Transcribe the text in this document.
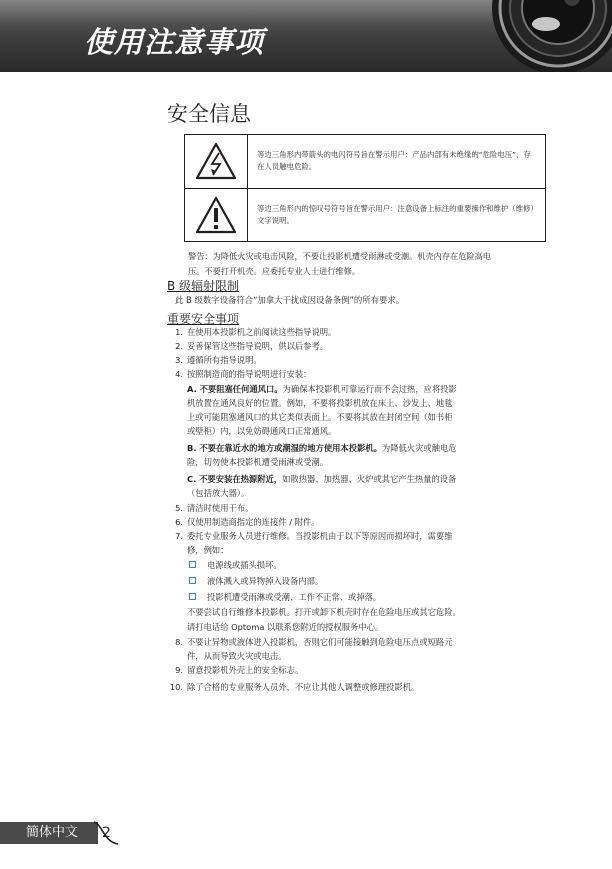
使用注意事项
安全信息
等边三角形内带箭头的电闪符号旨在警示用户：产品内部有未绝缘的“危险电压”，存在人员触电危险。
等边三角形内的惊叹号符号旨在警示用户：注意设备上标注的重要操作和维护（维修）文字说明。
警告：为降低火灾或电击风险，不要让投影机遭受雨淋或受潮。机壳内存在危险高电
压。不要打开机壳。应委托专业人士进行维修。
B 级辐射限制
此 B 级数字设备符合“加拿大干扰成因设备条例”的所有要求。
重要安全事项
1. 在使用本投影机之前阅读这些指导说明。
2. 妥善保管这些指导说明，供以后参考。
3. 遵循所有指导说明。
4. 按照制造商的指导说明进行安装：
A. 不要阻塞任何通风口。为确保本投影机可靠运行而不会过热，应将投影
机放置在通风良好的位置。例如，不要将投影机放在床上、沙发上、地毯
上或可能阻塞通风口的其它类似表面上。不要将其放在封闭空间（如书柜
或壁柜）内，以免妨碍通风口正常通风。
B. 不要在靠近水的地方或潮湿的地方使用本投影机。为降低火灾或触电危
险，切勿使本投影机遭受雨淋或受潮。
C. 不要安装在热源附近，如散热器、加热器、火炉或其它产生热量的设备
（包括放大器）。
5. 清洁时使用干布。
6. 仅使用制造商指定的连接件 / 附件。
7. 委托专业服务人员进行维修。当投影机由于以下等原因而损坏时，需要维
修，例如：
电源线或插头损坏。
液体溅入或异物掉入设备内部。
投影机遭受雨淋或受潮、工作不正常、或掉落。
不要尝试自行维修本投影机。打开或卸下机壳时存在危险电压或其它危险。
请打电话给 Optoma 以联系您附近的授权服务中心。
8. 不要让异物或液体进入投影机，否则它们可能接触到危险电压点或短路元
件，从而导致火灾或电击。
9. 留意投影机外壳上的安全标志。
10. 除了合格的专业服务人员外，不应让其他人调整或修理投影机。
簡体中文 2
